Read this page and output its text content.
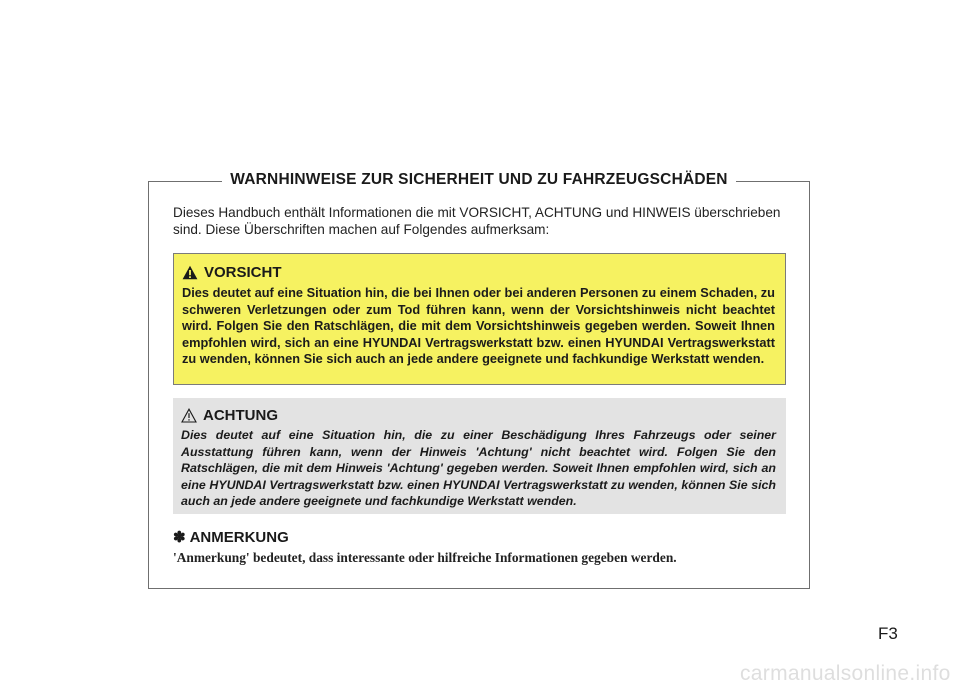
WARNHINWEISE ZUR SICHERHEIT UND ZU FAHRZEUGSCHÄDEN
Dieses Handbuch enthält Informationen die mit VORSICHT, ACHTUNG und HINWEIS überschrieben sind. Diese Überschriften machen auf Folgendes aufmerksam:
VORSICHT
Dies deutet auf eine Situation hin, die bei Ihnen oder bei anderen Personen zu einem Schaden, zu schweren Verletzungen oder zum Tod führen kann, wenn der Vorsichtshinweis nicht beachtet wird. Folgen Sie den Ratschlägen, die mit dem Vorsichtshinweis gegeben werden. Soweit Ihnen empfohlen wird, sich an eine HYUNDAI Vertragswerkstatt bzw. einen HYUNDAI Vertragswerkstatt zu wenden, können Sie sich auch an jede andere geeignete und fachkundige Werkstatt wenden.
ACHTUNG
Dies deutet auf eine Situation hin, die zu einer Beschädigung Ihres Fahrzeugs oder seiner Ausstattung führen kann, wenn der Hinweis 'Achtung' nicht beachtet wird. Folgen Sie den Ratschlägen, die mit dem Hinweis 'Achtung' gegeben werden. Soweit Ihnen empfohlen wird, sich an eine HYUNDAI Vertragswerkstatt bzw. einen HYUNDAI Vertragswerkstatt zu wenden, können Sie sich auch an jede andere geeignete und fachkundige Werkstatt wenden.
✽ ANMERKUNG
'Anmerkung' bedeutet, dass interessante oder hilfreiche Informationen gegeben werden.
F3
carmanualsonline.info
